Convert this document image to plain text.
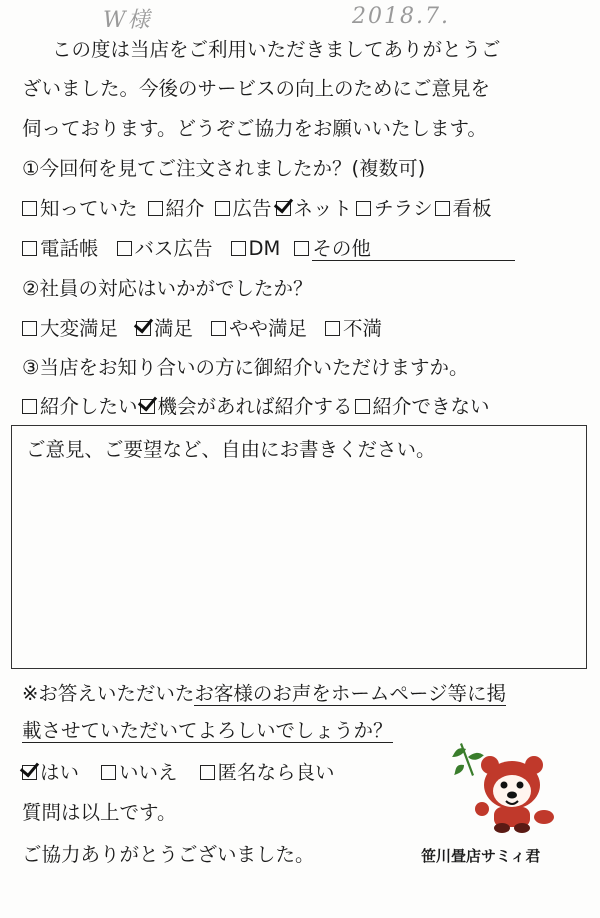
W様	2018.7.
この度は当店をご利用いただきましてありがとうご
ざいました。今後のサービスの向上のためにご意見を
伺っております。どうぞご協力をお願いいたします。
①今回何を見てご注文されましたか？(複数可)
知っていた 紹介 広告 ネット チラシ 看板
電話帳 バス広告 DM その他
②社員の対応はいかがでしたか？
大変満足 満足 やや満足 不満
③当店をお知り合いの方に御紹介いただけますか。
紹介したい 機会があれば紹介する 紹介できない
ご意見、ご要望など、自由にお書きください。
※お答えいただいたお客様のお声をホームページ等に掲
載させていただいてよろしいでしょうか？
はい いいえ 匿名なら良い
質問は以上です。
ご協力ありがとうございました。	笹川畳店サミィ君
